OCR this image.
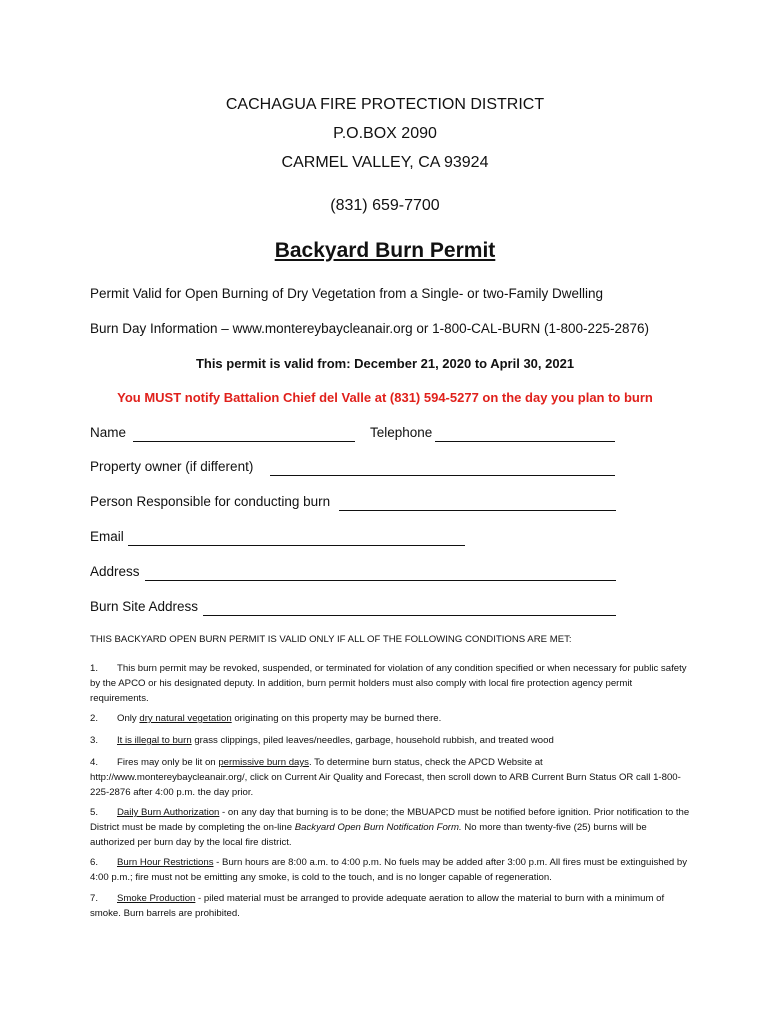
CACHAGUA FIRE PROTECTION DISTRICT
P.O.BOX 2090
CARMEL VALLEY, CA 93924
(831) 659-7700
Backyard Burn Permit
Permit Valid for Open Burning of Dry Vegetation from a Single- or two-Family Dwelling
Burn Day Information – www.montereybaycleanair.org or 1-800-CAL-BURN (1-800-225-2876)
This permit is valid from: December 21, 2020 to April 30, 2021
You MUST notify Battalion Chief del Valle at (831) 594-5277 on the day you plan to burn
Name	Telephone
Property owner (if different)
Person Responsible for conducting burn
Email
Address
Burn Site Address
THIS BACKYARD OPEN BURN PERMIT IS VALID ONLY IF ALL OF THE FOLLOWING CONDITIONS ARE MET:
1. This burn permit may be revoked, suspended, or terminated for violation of any condition specified or when necessary for public safety by the APCO or his designated deputy. In addition, burn permit holders must also comply with local fire protection agency permit requirements.
2. Only dry natural vegetation originating on this property may be burned there.
3. It is illegal to burn grass clippings, piled leaves/needles, garbage, household rubbish, and treated wood
4. Fires may only be lit on permissive burn days. To determine burn status, check the APCD Website at http://www.montereybaycleanair.org/, click on Current Air Quality and Forecast, then scroll down to ARB Current Burn Status OR call 1-800-225-2876 after 4:00 p.m. the day prior.
5. Daily Burn Authorization - on any day that burning is to be done; the MBUAPCD must be notified before ignition. Prior notification to the District must be made by completing the on-line Backyard Open Burn Notification Form. No more than twenty-five (25) burns will be authorized per burn day by the local fire district.
6. Burn Hour Restrictions - Burn hours are 8:00 a.m. to 4:00 p.m. No fuels may be added after 3:00 p.m. All fires must be extinguished by 4:00 p.m.; fire must not be emitting any smoke, is cold to the touch, and is no longer capable of regeneration.
7. Smoke Production - piled material must be arranged to provide adequate aeration to allow the material to burn with a minimum of smoke. Burn barrels are prohibited.
